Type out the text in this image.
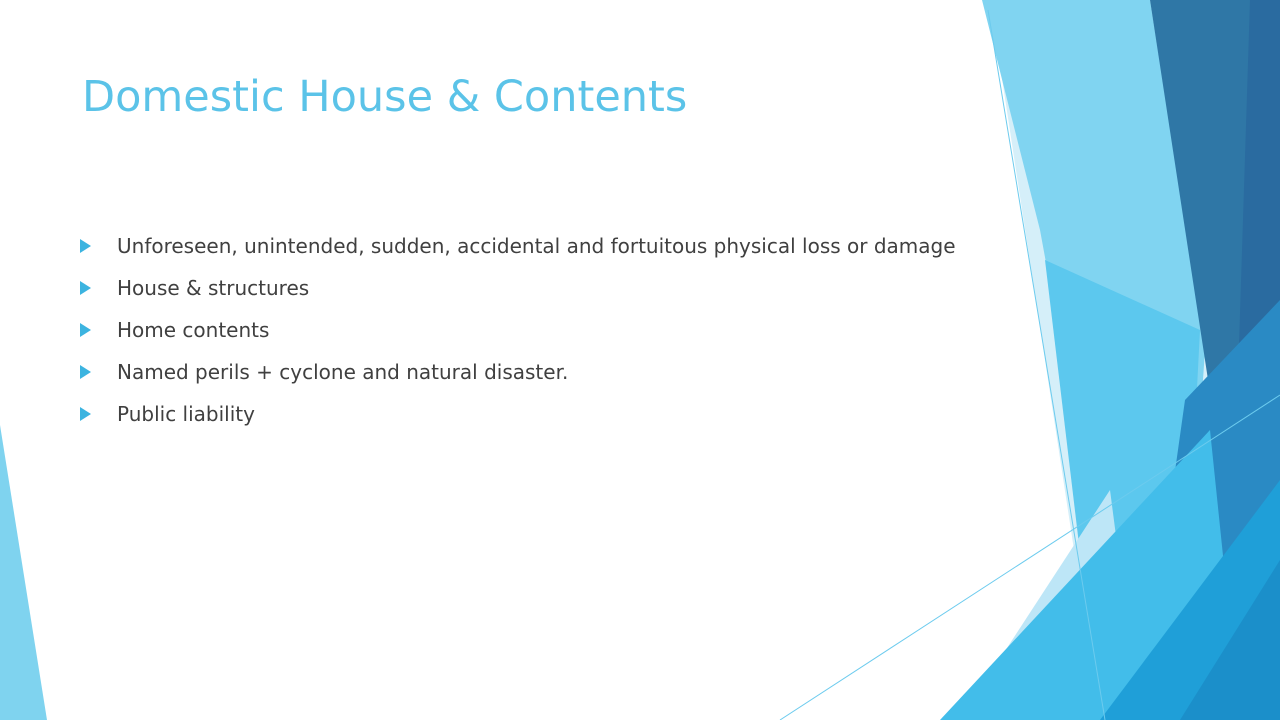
Domestic House & Contents
Unforeseen, unintended, sudden, accidental and fortuitous physical loss or damage
House & structures
Home contents
Named perils + cyclone and natural disaster.
Public liability
